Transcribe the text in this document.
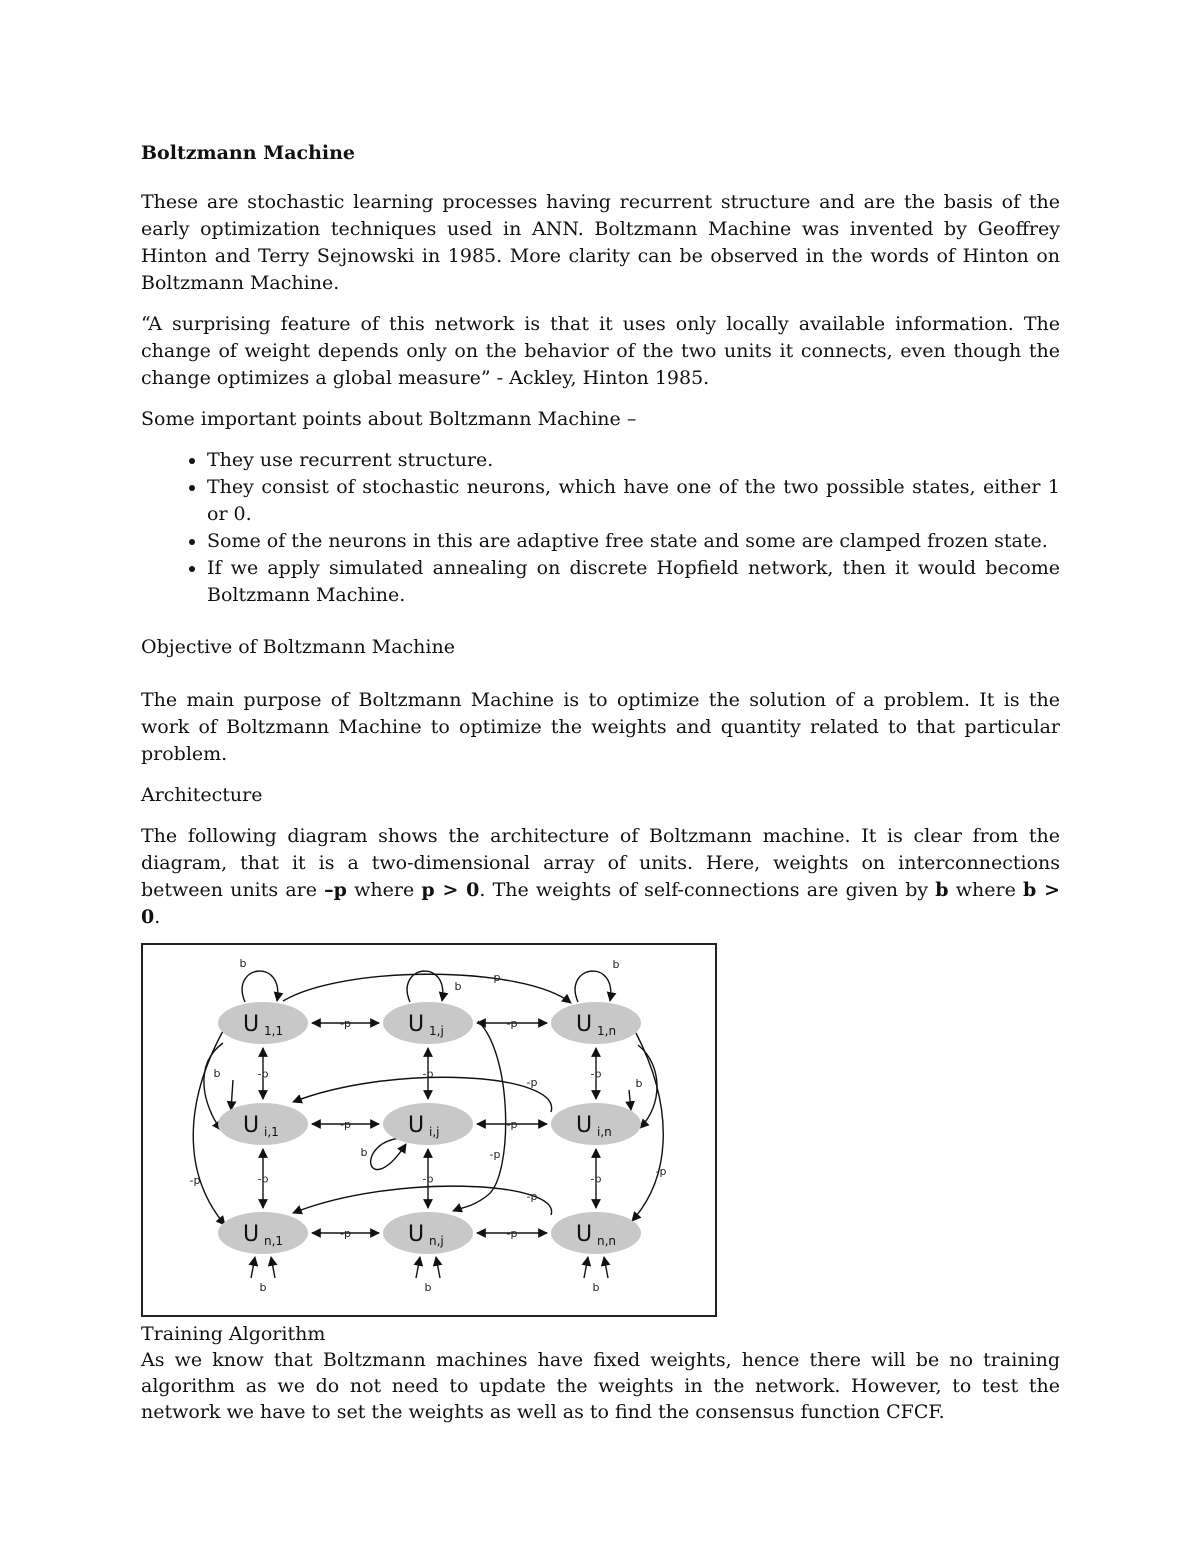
Boltzmann Machine

These are stochastic learning processes having recurrent structure and are the basis of the early optimization techniques used in ANN. Boltzmann Machine was invented by Geoffrey Hinton and Terry Sejnowski in 1985. More clarity can be observed in the words of Hinton on Boltzmann Machine.

“A surprising feature of this network is that it uses only locally available information. The change of weight depends only on the behavior of the two units it connects, even though the change optimizes a global measure” - Ackley, Hinton 1985.

Some important points about Boltzmann Machine –

• They use recurrent structure.
• They consist of stochastic neurons, which have one of the two possible states, either 1 or 0.
• Some of the neurons in this are adaptive free state and some are clamped frozen state.
• If we apply simulated annealing on discrete Hopfield network, then it would become Boltzmann Machine.

Objective of Boltzmann Machine

The main purpose of Boltzmann Machine is to optimize the solution of a problem. It is the work of Boltzmann Machine to optimize the weights and quantity related to that particular problem.

Architecture

The following diagram shows the architecture of Boltzmann machine. It is clear from the diagram, that it is a two-dimensional array of units. Here, weights on interconnections between units are –p where p > 0. The weights of self-connections are given by b where b > 0.

U 1,1	U 1,j	U 1,n
U i,1	U i,j	U i,n
U n,1	U n,j	U n,n
-p	-p
-p	-p
-p	-p
-p
-p
-p
-p
-p
-p
-p
-p
-p
-p
-p
-p
b
b
b
b
b
b
b	b	b

Training Algorithm

As we know that Boltzmann machines have fixed weights, hence there will be no training algorithm as we do not need to update the weights in the network. However, to test the network we have to set the weights as well as to find the consensus function CFCF.
